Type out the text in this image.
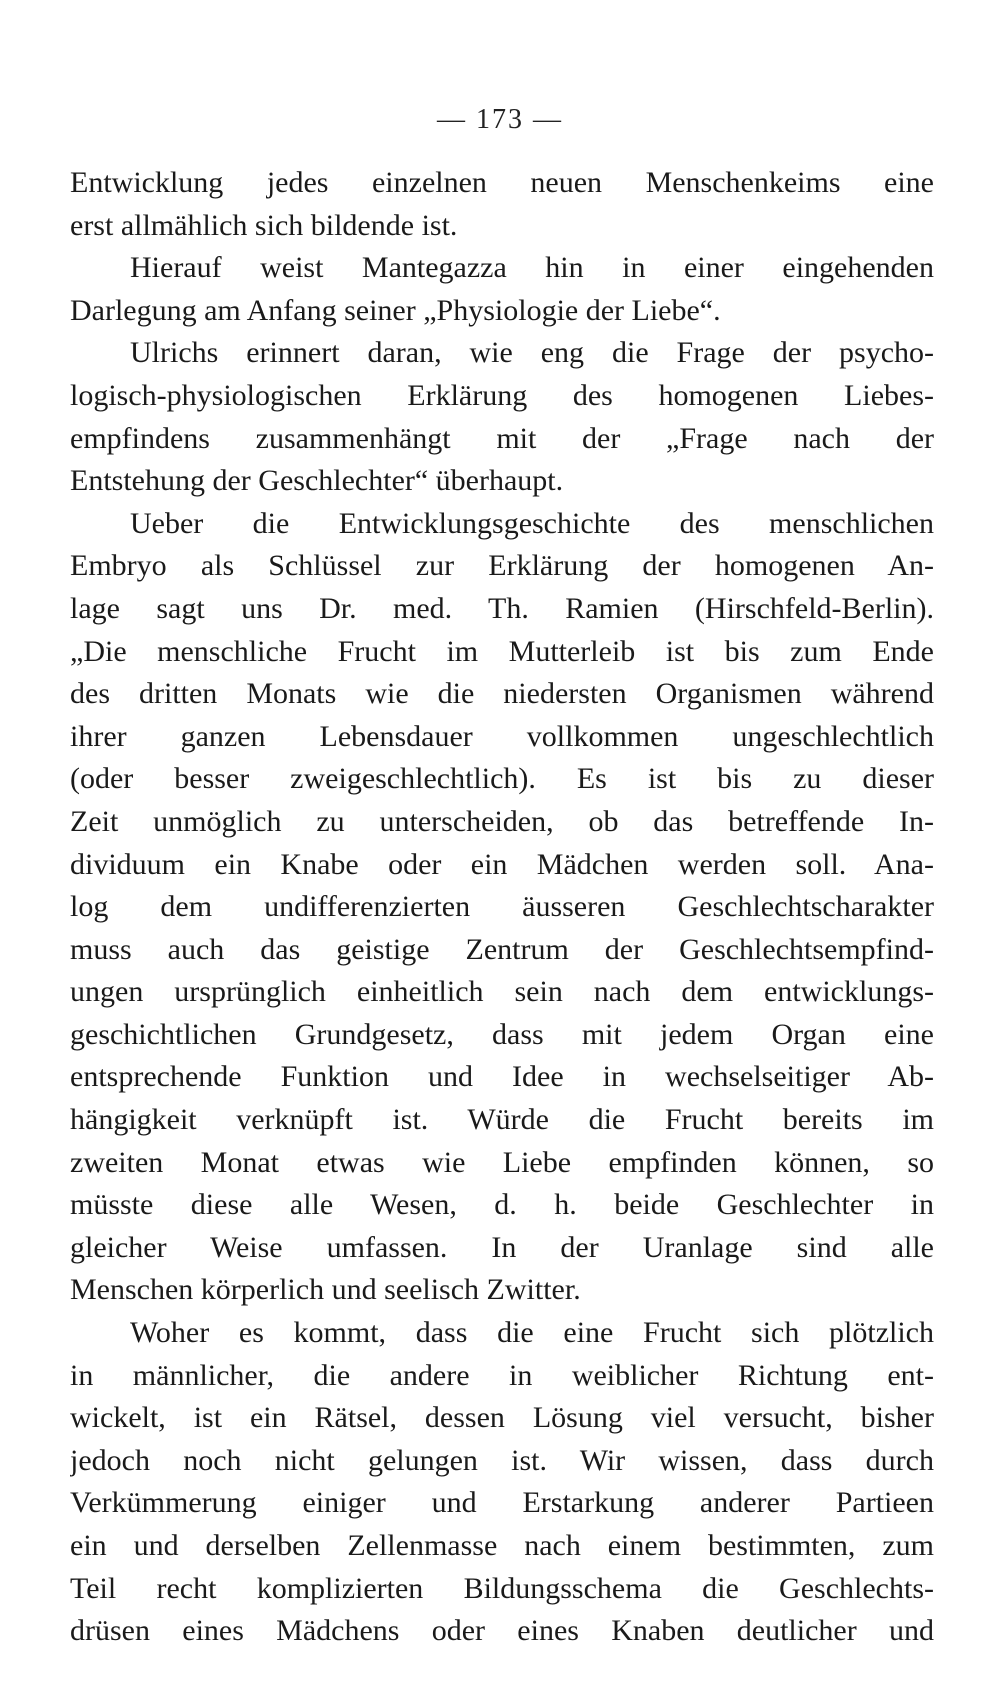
— 173 —
Entwicklung jedes einzelnen neuen Menschenkeims eine
erst allmählich sich bildende ist.
Hierauf weist Mantegazza hin in einer eingehenden
Darlegung am Anfang seiner „Physiologie der Liebe“.
Ulrichs erinnert daran, wie eng die Frage der psycho-
logisch-physiologischen Erklärung des homogenen Liebes-
empfindens zusammenhängt mit der „Frage nach der
Entstehung der Geschlechter“ überhaupt.
Ueber die Entwicklungsgeschichte des menschlichen
Embryo als Schlüssel zur Erklärung der homogenen An-
lage sagt uns Dr. med. Th. Ramien (Hirschfeld-Berlin).
„Die menschliche Frucht im Mutterleib ist bis zum Ende
des dritten Monats wie die niedersten Organismen während
ihrer ganzen Lebensdauer vollkommen ungeschlechtlich
(oder besser zweigeschlechtlich). Es ist bis zu dieser
Zeit unmöglich zu unterscheiden, ob das betreffende In-
dividuum ein Knabe oder ein Mädchen werden soll. Ana-
log dem undifferenzierten äusseren Geschlechtscharakter
muss auch das geistige Zentrum der Geschlechtsempfind-
ungen ursprünglich einheitlich sein nach dem entwicklungs-
geschichtlichen Grundgesetz, dass mit jedem Organ eine
entsprechende Funktion und Idee in wechselseitiger Ab-
hängigkeit verknüpft ist. Würde die Frucht bereits im
zweiten Monat etwas wie Liebe empfinden können, so
müsste diese alle Wesen, d. h. beide Geschlechter in
gleicher Weise umfassen. In der Uranlage sind alle
Menschen körperlich und seelisch Zwitter.
Woher es kommt, dass die eine Frucht sich plötzlich
in männlicher, die andere in weiblicher Richtung ent-
wickelt, ist ein Rätsel, dessen Lösung viel versucht, bisher
jedoch noch nicht gelungen ist. Wir wissen, dass durch
Verkümmerung einiger und Erstarkung anderer Partieen
ein und derselben Zellenmasse nach einem bestimmten, zum
Teil recht komplizierten Bildungsschema die Geschlechts-
drüsen eines Mädchens oder eines Knaben deutlicher und
